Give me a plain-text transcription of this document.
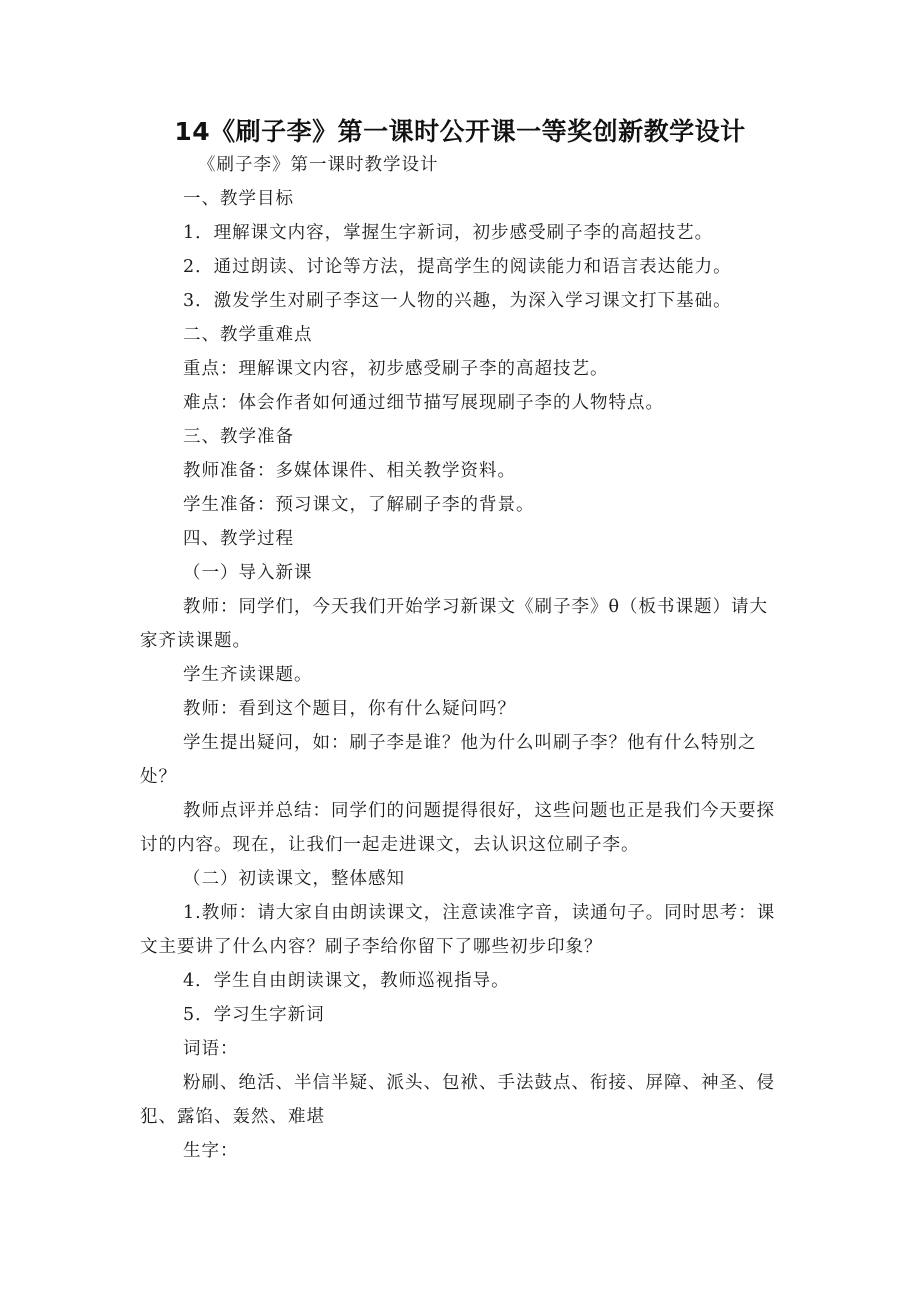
14《刷子李》第一课时公开课一等奖创新教学设计
《刷子李》第一课时教学设计
一、教学目标
1．理解课文内容，掌握生字新词，初步感受刷子李的高超技艺。
2．通过朗读、讨论等方法，提高学生的阅读能力和语言表达能力。
3．激发学生对刷子李这一人物的兴趣，为深入学习课文打下基础。
二、教学重难点
重点：理解课文内容，初步感受刷子李的高超技艺。
难点：体会作者如何通过细节描写展现刷子李的人物特点。
三、教学准备
教师准备：多媒体课件、相关教学资料。
学生准备：预习课文，了解刷子李的背景。
四、教学过程
（一）导入新课
教师：同学们，今天我们开始学习新课文《刷子李》θ（板书课题）请大家齐读课题。
学生齐读课题。
教师：看到这个题目，你有什么疑问吗？
学生提出疑问，如：刷子李是谁？他为什么叫刷子李？他有什么特别之处？
教师点评并总结：同学们的问题提得很好，这些问题也正是我们今天要探讨的内容。现在，让我们一起走进课文，去认识这位刷子李。
（二）初读课文，整体感知
1.教师：请大家自由朗读课文，注意读准字音，读通句子。同时思考：课文主要讲了什么内容？刷子李给你留下了哪些初步印象？
4．学生自由朗读课文，教师巡视指导。
5．学习生字新词
词语：
粉刷、绝活、半信半疑、派头、包袱、手法鼓点、衔接、屏障、神圣、侵犯、露馅、轰然、难堪
生字：
